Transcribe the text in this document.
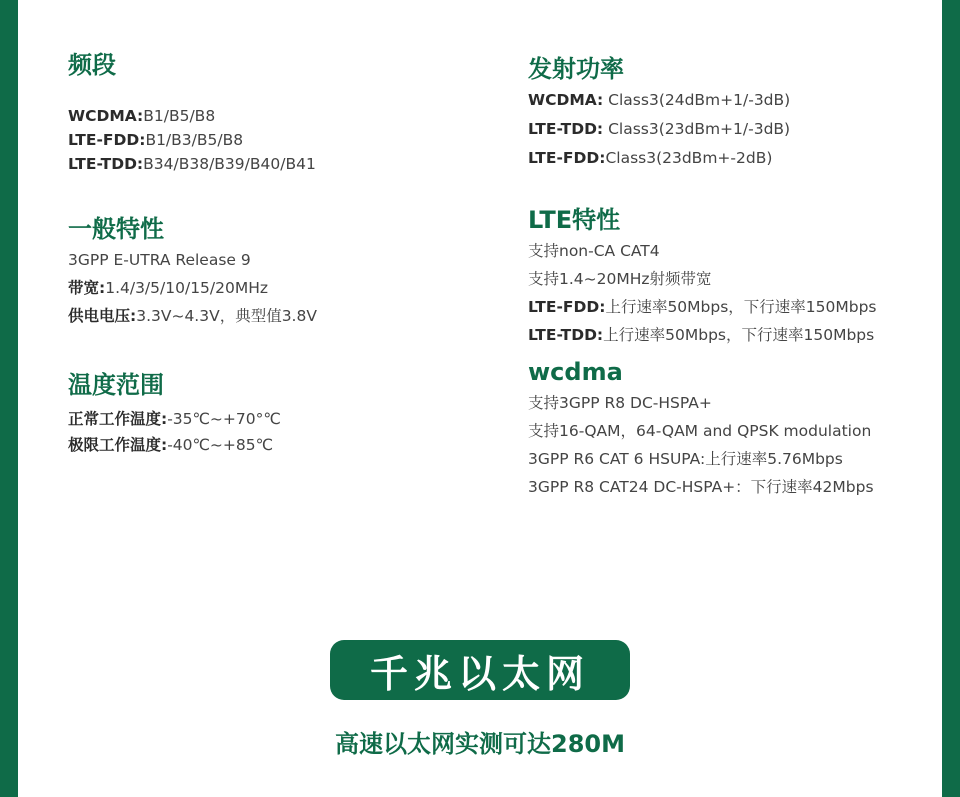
频段
WCDMA:B1/B5/B8
LTE-FDD:B1/B3/B5/B8
LTE-TDD:B34/B38/B39/B40/B41
一般特性
3GPP E-UTRA Release 9
带宽:1.4/3/5/10/15/20MHz
供电电压:3.3V~4.3V，典型值3.8V
温度范围
正常工作温度:-35℃~+70°℃
极限工作温度:-40℃~+85℃
发射功率
WCDMA: Class3(24dBm+1/-3dB)
LTE-TDD: Class3(23dBm+1/-3dB)
LTE-FDD:Class3(23dBm+-2dB)
LTE特性
支持non-CA CAT4
支持1.4~20MHz射频带宽
LTE-FDD:上行速率50Mbps，下行速率150Mbps
LTE-TDD:上行速率50Mbps，下行速率150Mbps
wcdma
支持3GPP R8 DC-HSPA+
支持16-QAM，64-QAM and QPSK modulation
3GPP R6 CAT 6 HSUPA:上行速率5.76Mbps
3GPP R8 CAT24 DC-HSPA+：下行速率42Mbps
千兆以太网
高速以太网实测可达280M
